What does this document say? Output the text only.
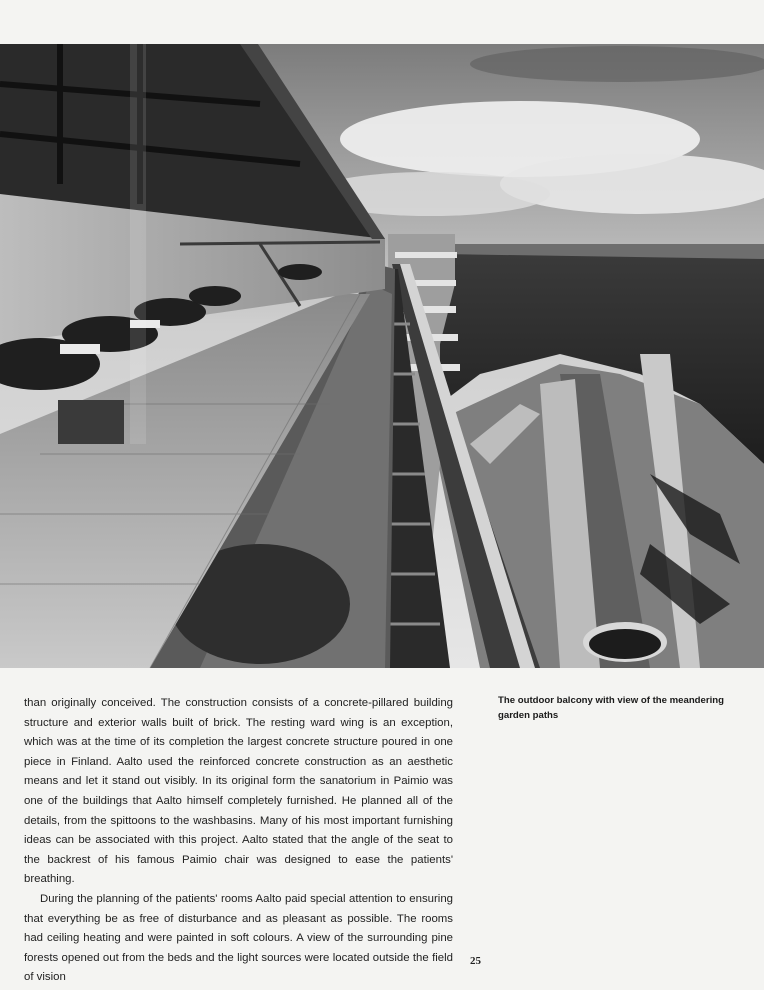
than originally conceived. The construction consists of a concrete-pillared building structure and exterior walls built of brick. The resting ward wing is an exception, which was at the time of its completion the largest concrete structure poured in one piece in Finland. Aalto used the reinforced concrete construction as an aesthetic means and let it stand out visibly. In its original form the sanatorium in Paimio was one of the buildings that Aalto himself completely furnished. He planned all of the details, from the spittoons to the washbasins. Many of his most important furnishing ideas can be associated with this project. Aalto stated that the angle of the seat to the backrest of his famous Paimio chair was designed to ease the patients' breathing.

During the planning of the patients' rooms Aalto paid special attention to ensuring that everything be as free of disturbance and as pleasant as possible. The rooms had ceiling heating and were painted in soft colours. A view of the surrounding pine forests opened out from the beds and the light sources were located outside the field of vision

The outdoor balcony with view of the meandering garden paths

25
